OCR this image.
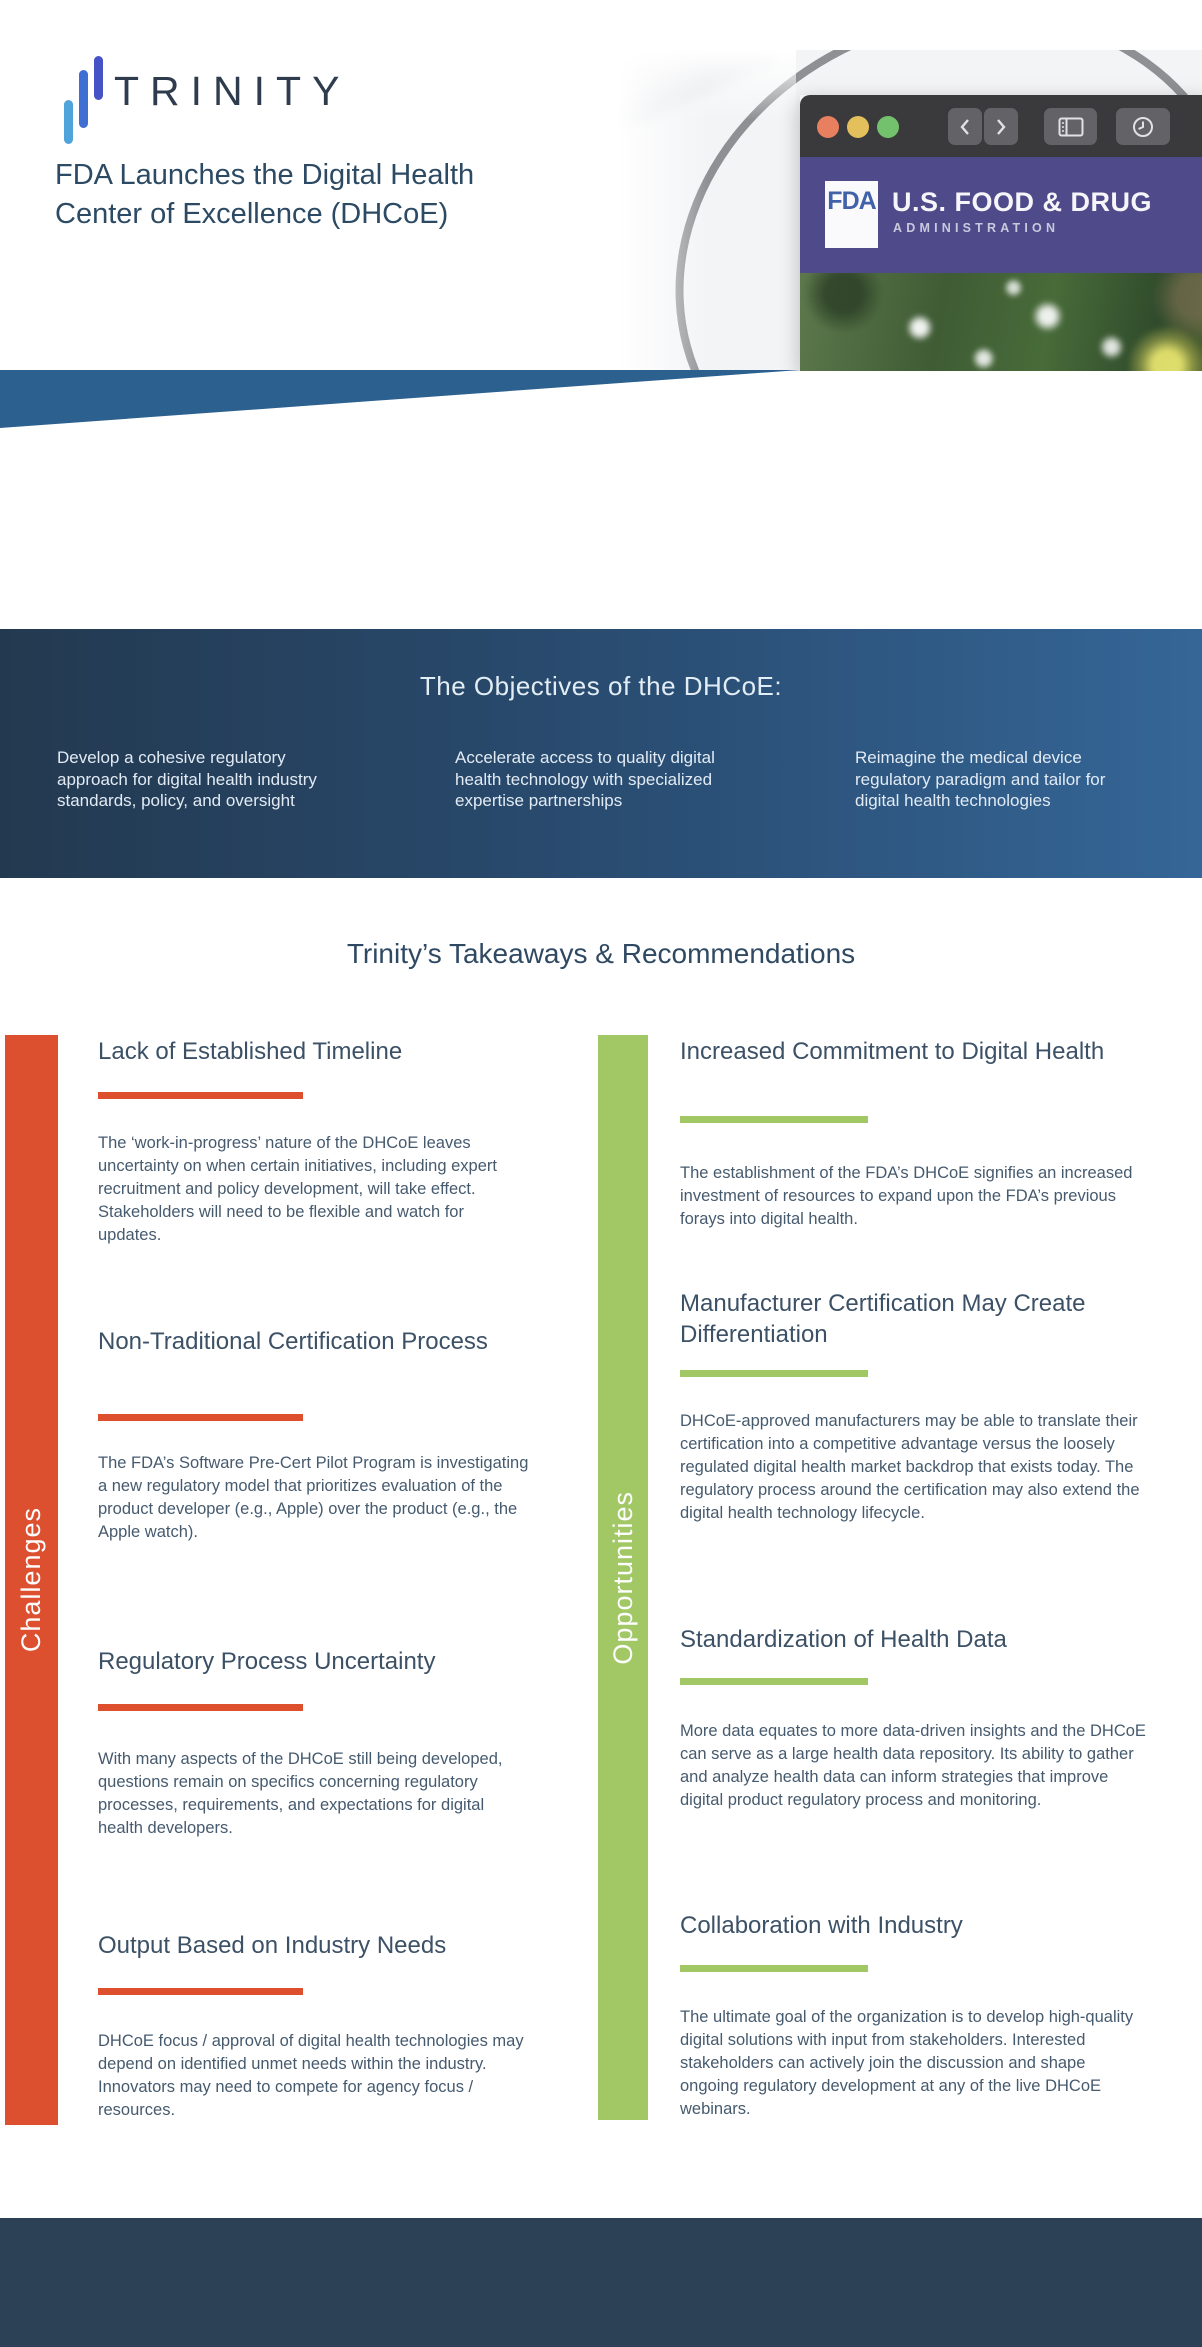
TRINITY
FDA Launches the Digital Health
Center of Excellence (DHCoE)	FDA U.S. FOOD & DRUG
ADMINISTRATION

The DHCoE aims to advance healthcare through encouraging responsible and high-quality digital health innovation. The scope of the center will include mobile health devices, wearables, SaMD (Software as a Medical Device), and more.

The Objectives of the DHCoE:
Develop a cohesive regulatory approach for digital health industry standards, policy, and oversight
Accelerate access to quality digital health technology with specialized expertise partnerships
Reimagine the medical device regulatory paradigm and tailor for digital health technologies
Trinity’s Takeaways & Recommendations
Challenges	Opportunities
Lack of Established Timeline
The ‘work-in-progress’ nature of the DHCoE leaves uncertainty on when certain initiatives, including expert recruitment and policy development, will take effect. Stakeholders will need to be flexible and watch for updates.
Non-Traditional Certification Process
The FDA’s Software Pre-Cert Pilot Program is investigating a new regulatory model that prioritizes evaluation of the product developer (e.g., Apple) over the product (e.g., the Apple watch).
Regulatory Process Uncertainty
With many aspects of the DHCoE still being developed, questions remain on specifics concerning regulatory processes, requirements, and expectations for digital health developers.
Output Based on Industry Needs
DHCoE focus / approval of digital health technologies may depend on identified unmet needs within the industry. Innovators may need to compete for agency focus / resources.
Increased Commitment to Digital Health
The establishment of the FDA’s DHCoE signifies an increased investment of resources to expand upon the FDA’s previous forays into digital health.
Manufacturer Certification May Create Differentiation
DHCoE-approved manufacturers may be able to translate their certification into a competitive advantage versus the loosely regulated digital health market backdrop that exists today. The regulatory process around the certification may also extend the digital health technology lifecycle.
Standardization of Health Data
More data equates to more data-driven insights and the DHCoE can serve as a large health data repository. Its ability to gather and analyze health data can inform strategies that improve digital product regulatory process and monitoring.
Collaboration with Industry
The ultimate goal of the organization is to develop high-quality digital solutions with input from stakeholders. Interested stakeholders can actively join the discussion and shape ongoing regulatory development at any of the live DHCoE webinars.
